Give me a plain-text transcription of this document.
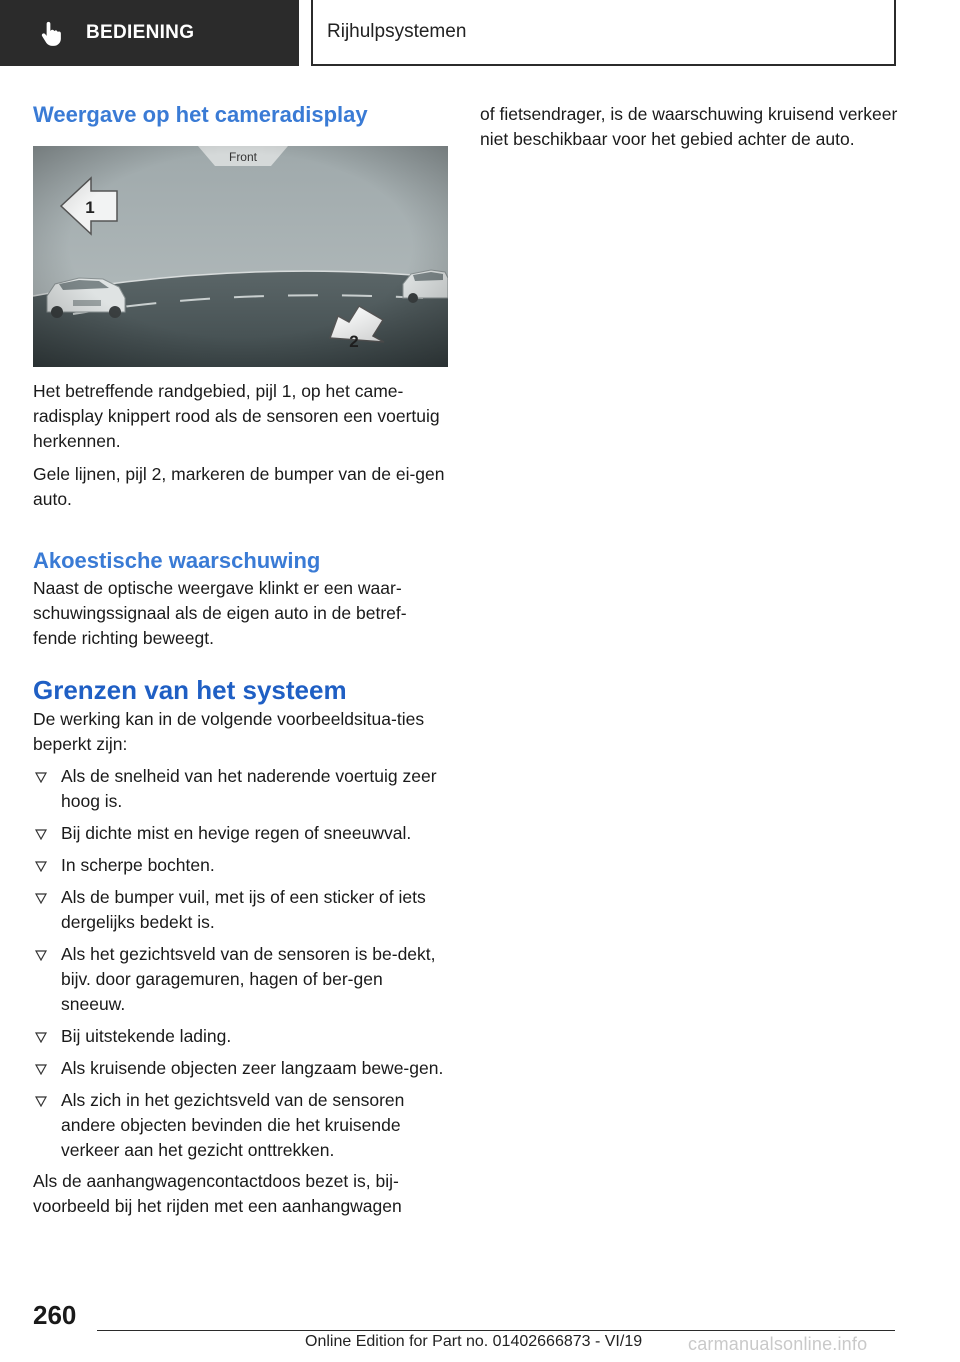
BEDIENING	Rijhulpsystemen
Weergave op het cameradisplay

Het betreffende randgebied, pijl 1, op het came-radisplay knippert rood als de sensoren een voertuig herkennen.

Gele lijnen, pijl 2, markeren de bumper van de ei-gen auto.

Akoestische waarschuwing

Naast de optische weergave klinkt er een waar-schuwingssignaal als de eigen auto in de betref-fende richting beweegt.

Grenzen van het systeem

De werking kan in de volgende voorbeeldsitua-ties beperkt zijn:

Als de snelheid van het naderende voertuig zeer hoog is.
Bij dichte mist en hevige regen of sneeuwval.
In scherpe bochten.
Als de bumper vuil, met ijs of een sticker of iets dergelijks bedekt is.
Als het gezichtsveld van de sensoren is be-dekt, bijv. door garagemuren, hagen of ber-gen sneeuw.
Bij uitstekende lading.
Als kruisende objecten zeer langzaam bewe-gen.
Als zich in het gezichtsveld van de sensoren andere objecten bevinden die het kruisende verkeer aan het gezicht onttrekken.

Als de aanhangwagencontactdoos bezet is, bij-voorbeeld bij het rijden met een aanhangwagen

of fietsendrager, is de waarschuwing kruisend verkeer niet beschikbaar voor het gebied achter de auto.

260
Online Edition for Part no. 01402666873 - VI/19	carmanualsonline.info
